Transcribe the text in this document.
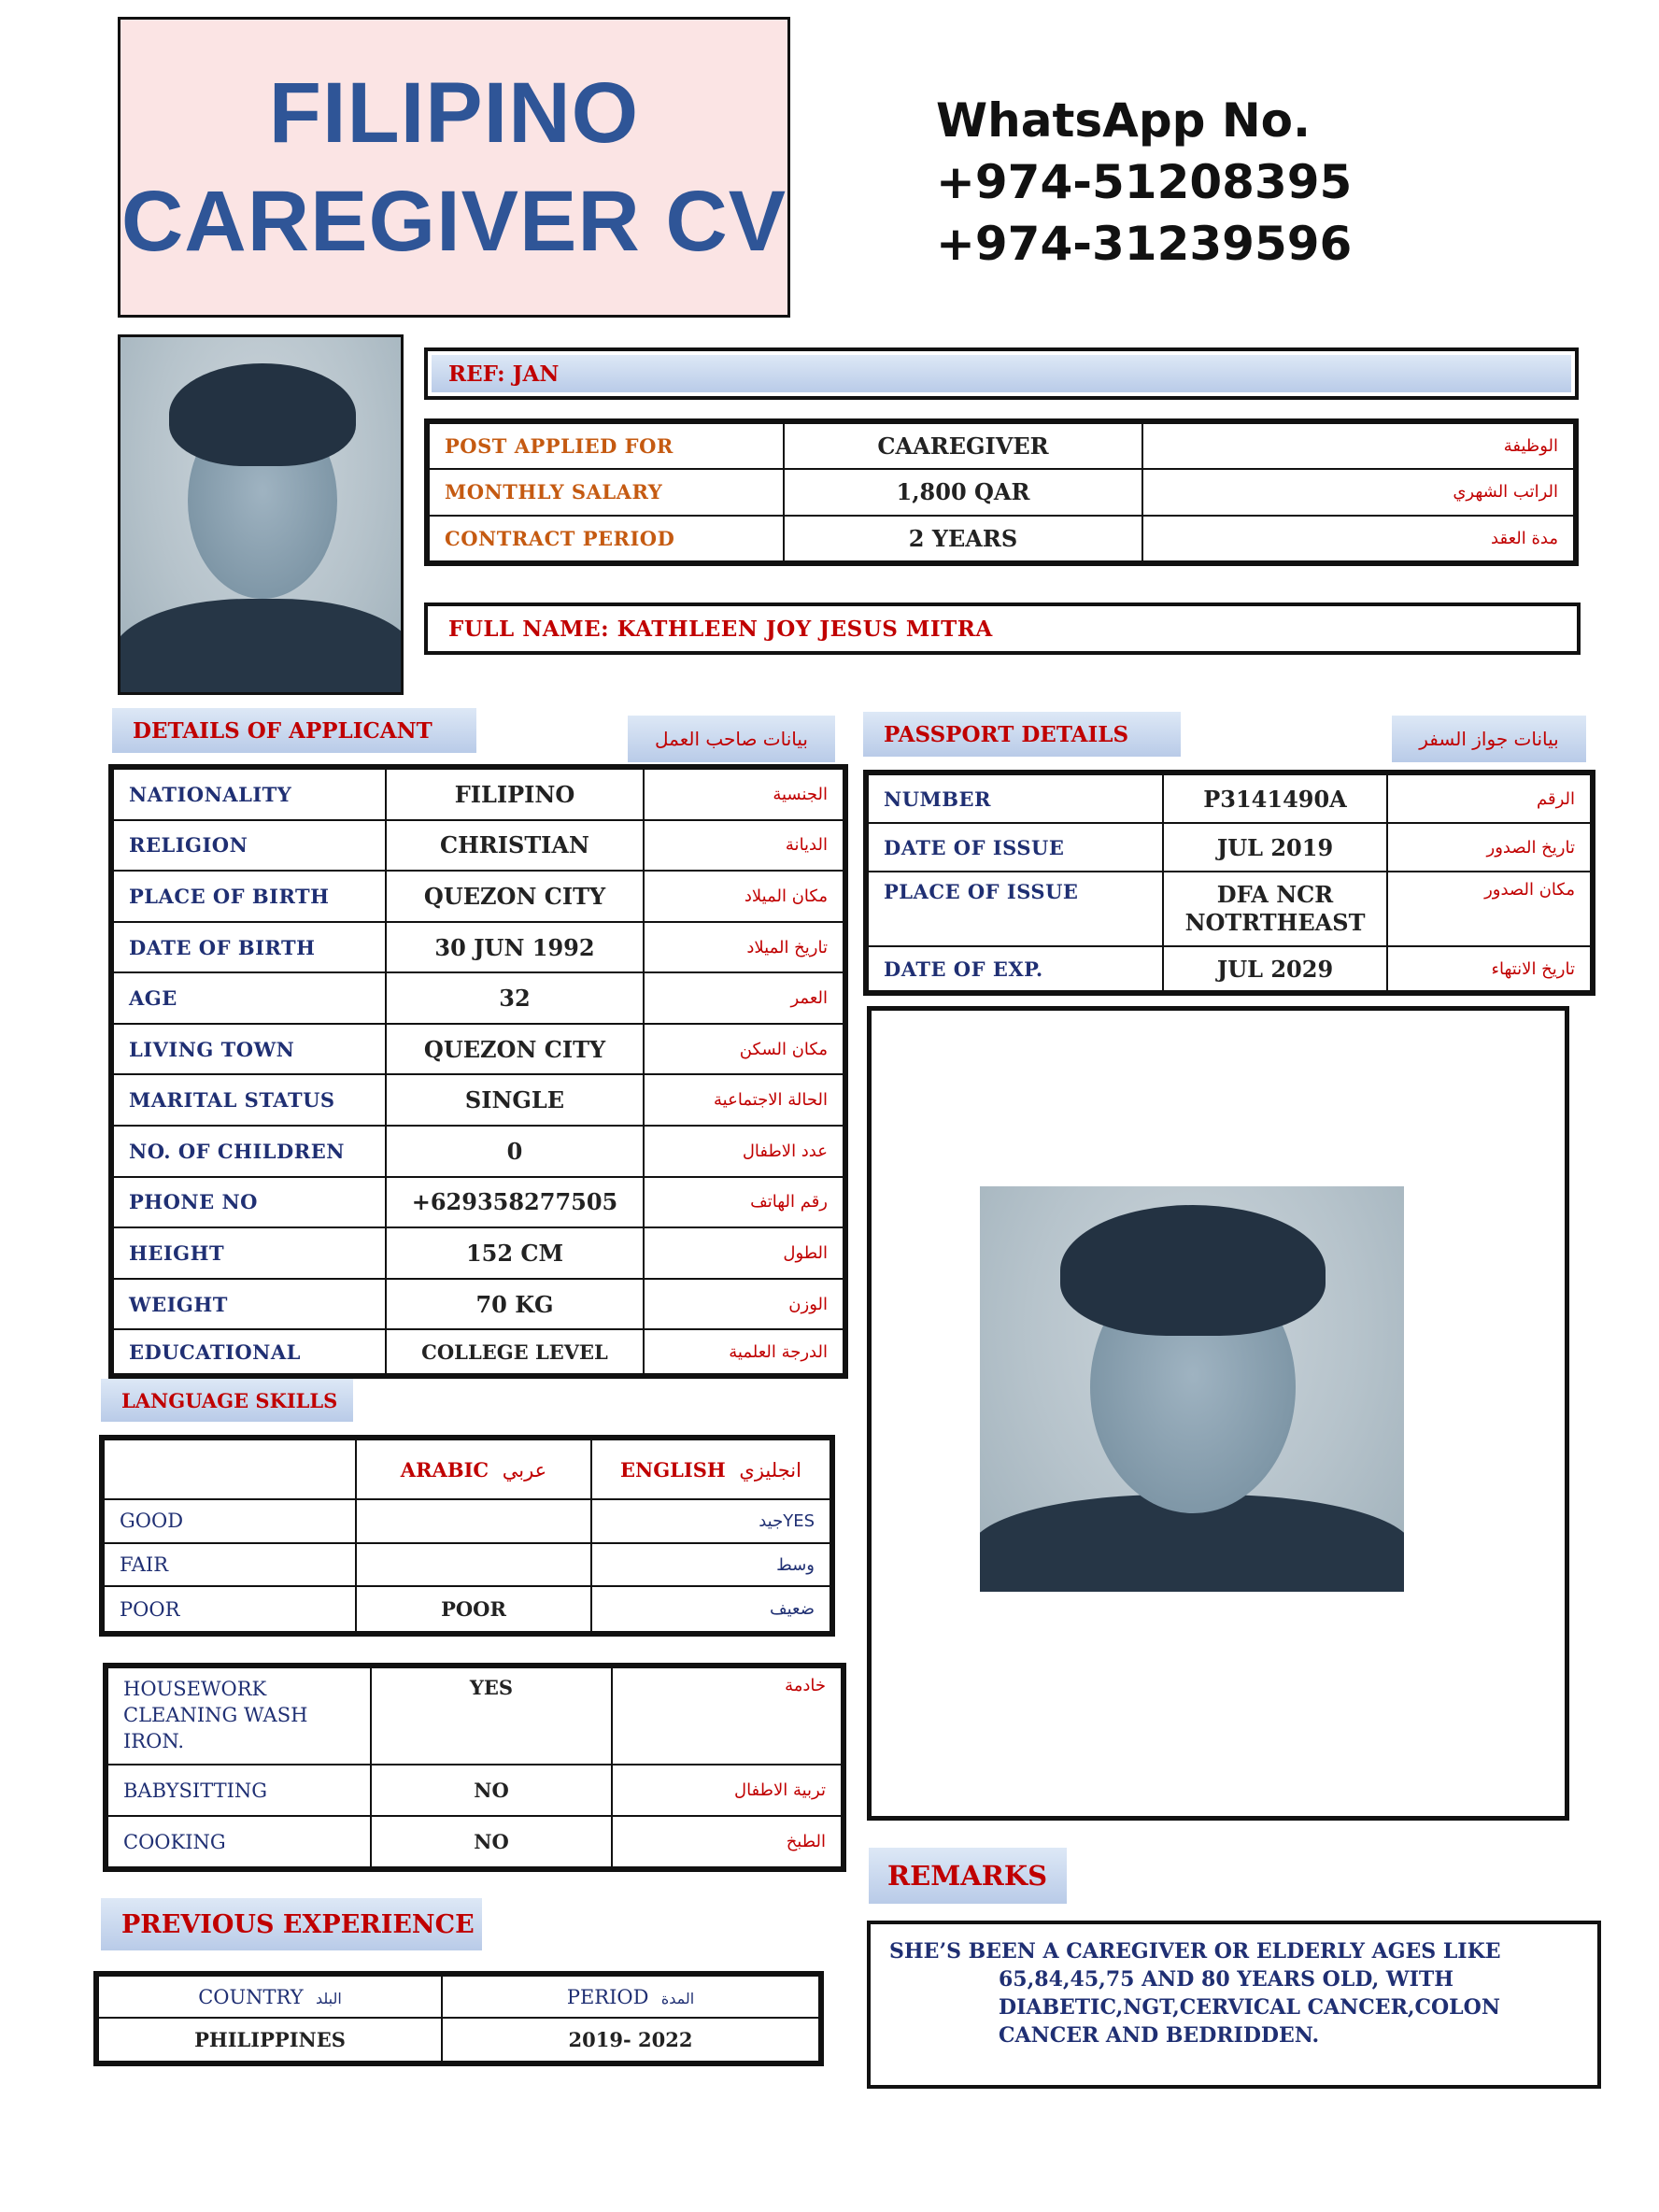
FILIPINO
CAREGIVER CV
WhatsApp No.
+974-51208395
+974-31239596
REF: JAN
POST APPLIED FOR	CAAREGIVER	الوظيفة
MONTHLY SALARY	1,800 QAR	الراتب الشهري
CONTRACT PERIOD	2 YEARS	مدة العقد
FULL NAME: KATHLEEN JOY JESUS MITRA
DETAILS OF APPLICANT	بيانات صاحب العمل
NATIONALITY	FILIPINO	الجنسية
RELIGION	CHRISTIAN	الديانة
PLACE OF BIRTH	QUEZON CITY	مكان الميلاد
DATE OF BIRTH	30 JUN 1992	تاريخ الميلاد
AGE	32	العمر
LIVING TOWN	QUEZON CITY	مكان السكن
MARITAL STATUS	SINGLE	الحالة الاجتماعية
NO. OF CHILDREN	0	عدد الاطفال
PHONE NO	+629358277505	رقم الهاتف
HEIGHT	152 CM	الطول
WEIGHT	70 KG	الوزن
EDUCATIONAL	COLLEGE LEVEL	الدرجة العلمية
PASSPORT DETAILS	بيانات جواز السفر
NUMBER	P3141490A	الرقم
DATE OF ISSUE	JUL 2019	تاريخ الصدور
PLACE OF ISSUE	DFA NCR NOTRTHEAST	مكان الصدور
DATE OF EXP.	JUL 2029	تاريخ الانتهاء
LANGUAGE SKILLS
	ARABIC عربي	ENGLISH انجليزي
GOOD		جيدYES
FAIR		وسط
POOR	POOR	ضعيف
HOUSEWORK CLEANING WASH IRON.	YES	خادمة
BABYSITTING	NO	تربية الاطفال
COOKING	NO	الطبخ
PREVIOUS EXPERIENCE
COUNTRY البلد	PERIOD المدة
PHILIPPINES	2019- 2022
REMARKS
SHE’S BEEN A CAREGIVER OR ELDERLY AGES LIKE
65,84,45,75 AND 80 YEARS OLD, WITH
DIABETIC,NGT,CERVICAL CANCER,COLON
CANCER AND BEDRIDDEN.
